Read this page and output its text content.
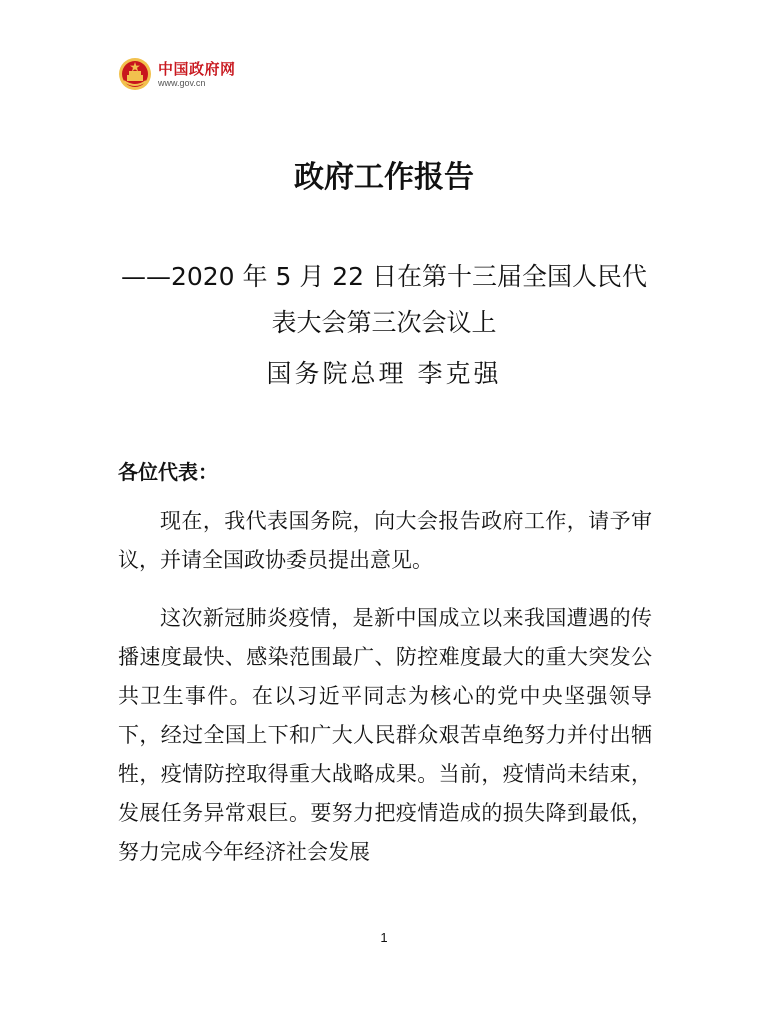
中国政府网
www.gov.cn
政府工作报告
——2020 年 5 月 22 日在第十三届全国人民代表大会第三次会议上
国务院总理 李克强
各位代表：

现在，我代表国务院，向大会报告政府工作，请予审议，并请全国政协委员提出意见。

这次新冠肺炎疫情，是新中国成立以来我国遭遇的传播速度最快、感染范围最广、防控难度最大的重大突发公共卫生事件。在以习近平同志为核心的党中央坚强领导下，经过全国上下和广大人民群众艰苦卓绝努力并付出牺牲，疫情防控取得重大战略成果。当前，疫情尚未结束，发展任务异常艰巨。要努力把疫情造成的损失降到最低，努力完成今年经济社会发展

1
